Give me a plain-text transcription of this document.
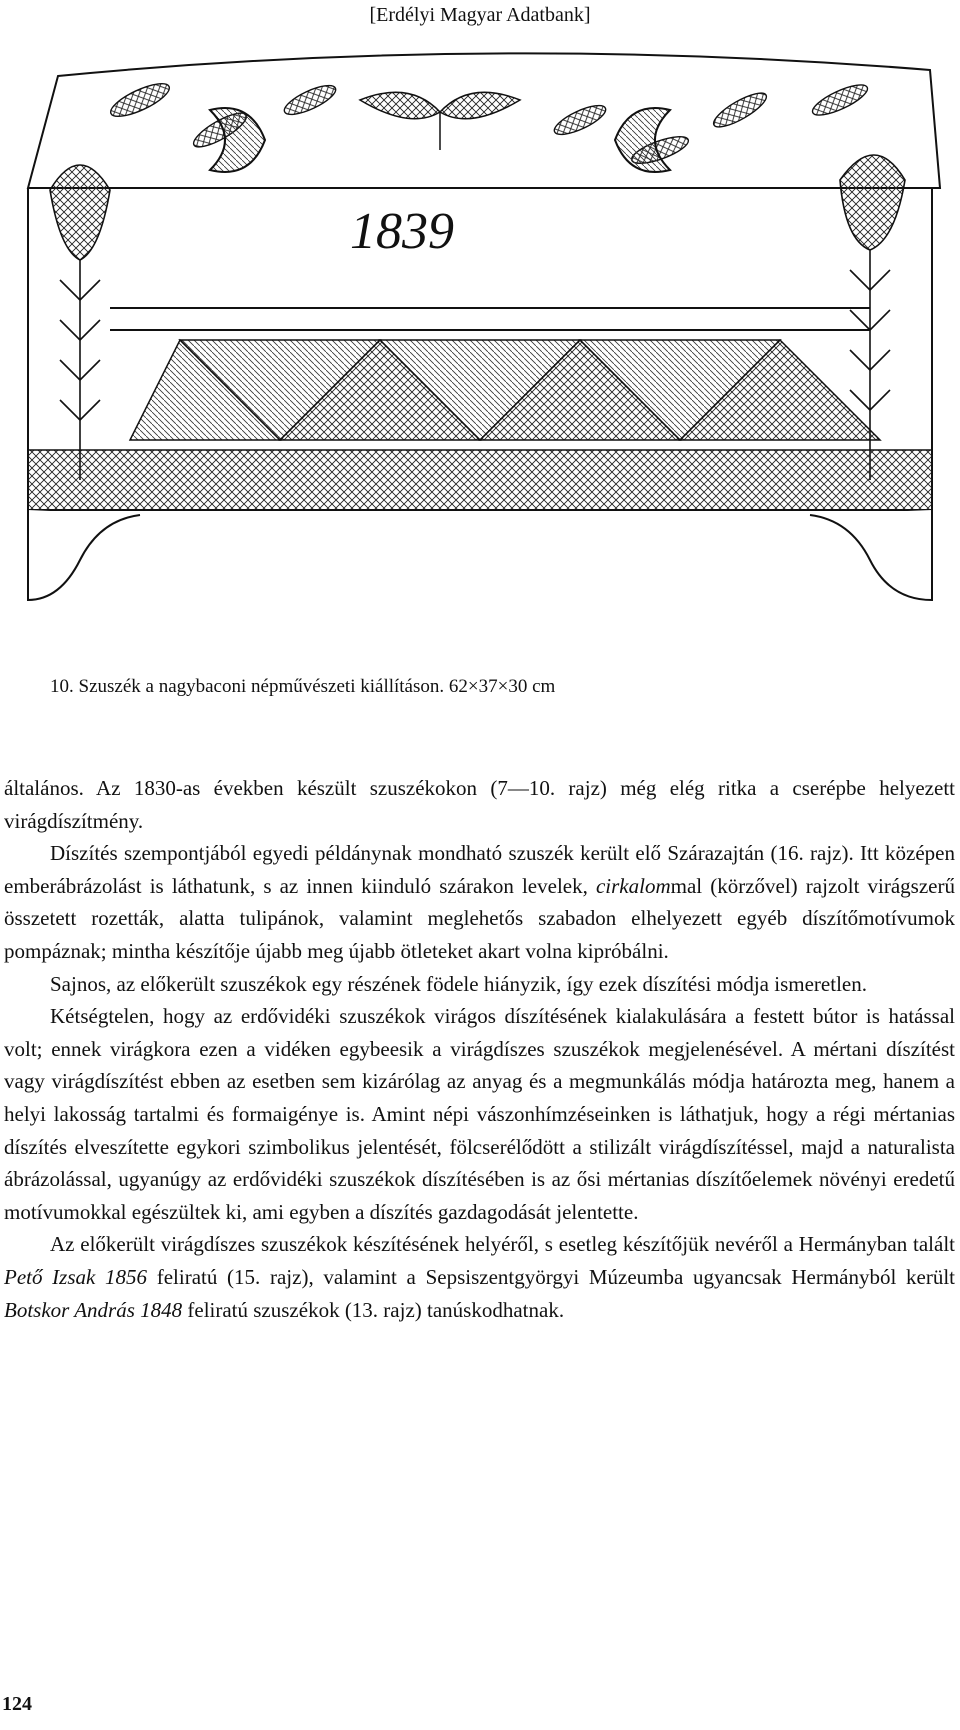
[Erdélyi Magyar Adatbank]
1839
10. Szuszék a nagybaconi népművészeti kiállításon. 62×37×30 cm

általános. Az 1830-as években készült szuszékokon (7—10. rajz) még elég ritka a cserépbe helyezett virágdíszítmény.

Díszítés szempontjából egyedi példánynak mondható szuszék került elő Szárazajtán (16. rajz). Itt középen emberábrázolást is láthatunk, s az innen kiinduló szárakon levelek, cirkalommal (körzővel) rajzolt virágszerű összetett rozetták, alatta tulipánok, valamint meglehetős szabadon elhelyezett egyéb díszítőmotívumok pompáznak; mintha készítője újabb meg újabb ötleteket akart volna kipróbálni.

Sajnos, az előkerült szuszékok egy részének födele hiányzik, így ezek díszítési módja ismeretlen.

Kétségtelen, hogy az erdővidéki szuszékok virágos díszítésének kialakulására a festett bútor is hatással volt; ennek virágkora ezen a vidéken egybeesik a virágdíszes szuszékok megjelenésével. A mértani díszítést vagy virágdíszítést ebben az esetben sem kizárólag az anyag és a megmunkálás módja határozta meg, hanem a helyi lakosság tartalmi és formaigénye is. Amint népi vászonhímzéseinken is láthatjuk, hogy a régi mértanias díszítés elveszítette egykori szimbolikus jelentését, fölcserélődött a stilizált virágdíszítéssel, majd a naturalista ábrázolással, ugyanúgy az erdővidéki szuszékok díszítésében is az ősi mértanias díszítőelemek növényi eredetű motívumokkal egészültek ki, ami egyben a díszítés gazdagodását jelentette.

Az előkerült virágdíszes szuszékok készítésének helyéről, s esetleg készítőjük nevéről a Hermányban talált Pető Izsak 1856 feliratú (15. rajz), valamint a Sepsiszentgyörgyi Múzeumba ugyancsak Hermányból került Botskor András 1848 feliratú szuszékok (13. rajz) tanúskodhatnak.

124
